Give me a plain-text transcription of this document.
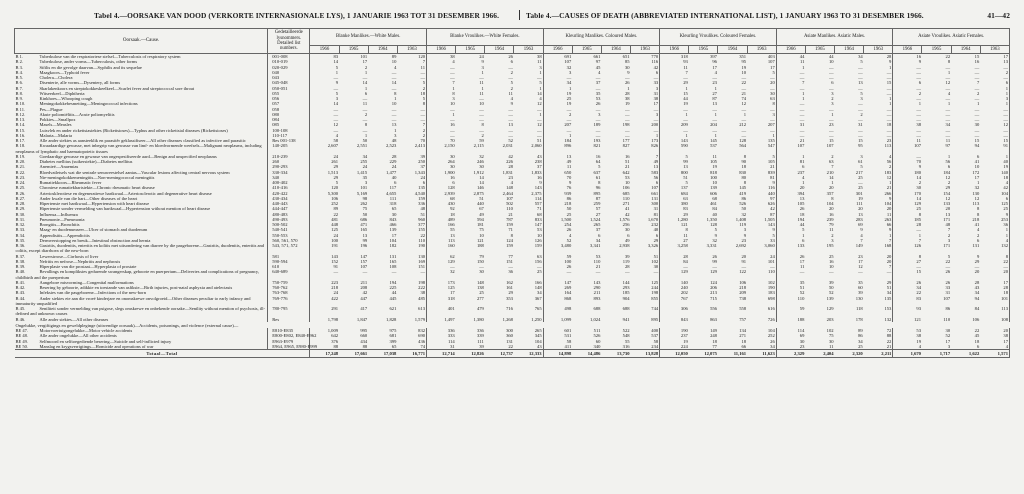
Tabel 4.—OORSAKE VAN DOOD (VERKORTE INTERNASIONALE LYS), 1 JANUARIE 1963 TOT 31 DESEMBER 1966.	Table 4.—CAUSES OF DEATH (ABBREVIATED INTERNATIONAL LIST), 1 JANUARY 1963 TO 31 DESEMBER 1966.	41—42
Oorsaak.—Cause.	Gedetailleerde lysnommers. Detailed list numbers.	Blanke Manlikes.—White Males.				Blanke Vroulikes.—White Females.				Kleurling Manlikes. Coloured Males.				Kleurling Vroulikes. Coloured Females.				Asiate Manlikes. Asiatic Males.				Asiate Vroulikes. Asiatic Females.			
		1966	1965	1964	1963	1966	1965	1964	1963	1966	1965	1964	1963	1966	1965	1964	1963	1966	1965	1964	1963	1966	1965	1964	1963
B 1. Tuberkulose van die respiratoriese stelsel—Tuberculosis of respiratory system	001-008	83	101	89	120	38	24	26	38	691	661	651	770	318	397	351	403	44	44	34	28	16	22	15	17
B 2. Tuberkulose, ander vorms—Tuberculosis, other forms	010-019	14	17	10	7	4	9	6	11	107	97	85	116	93	96	95	107	11	10	5	9	9	8	16	13
B 3. Sifilis en die gevolge daarvan—Syphilis and its sequelae	020-029	5	2	4	11	—	3	—	3	32	45	30	42	11	17	19	17	1	—	—	1	—	—	—	—
B 4. Maagkoors—Typhoid fever	040	1	1	—	—	—	1	2	1	3	4	9	6	7	4	10	5	—	—	—	—	—	1	—	2
B 5. Cholera—Cholera	043	—	—	—	—	—	—	—	—	—	—	—	—	—	—	—	—	—	—	—	—	—	—	—	—
B 6. Disenterie, alle vorms—Dysentery, all forms	045-048	9	14	14	5	7	11	5	5	34	37	26	33	29	23	22	20	7	6	13	15	6	12	7	6
B 7. Skarlakenkoors en streptokokkeskeelkeel—Scarlet fever and streptococcal sore throat	050-051	—	1	—	2	1	1	2	1	1	—	1	3	1	1	—	—	—	—	—	—	—	—	—	1
B 8. Witseerkeel—Diphtheria	055	5	6	8	18	8	11	11	14	19	35	28	31	15	27	21	30	1	3	5	—	2	4	2	1
B 9. Kinkhoes—Whooping cough	056	3	—	1	5	3	—	4	4	25	53	38	38	44	87	74	63	1	2	3	1	—	—	—	3
B 10. Meningokokkebesmetting—Meningococcal infections	057	14	11	10	8	10	10	9	12	19	26	19	17	19	13	12	8	—	3	—	1	1	1	1	1
B 11. Pes—Plague	058	—	—	—	—	—	—	—	—	—	—	—	—	—	—	—	—	—	—	—	—	—	—	—	—
B 12. Akute poliomiëlitis—Acute poliomyelitis	080	—	2	—	—	1	—	—	1	2	3	—	3	1	1	1	3	—	1	2	—	—	—	—	—
B 13. Pokkies—Smallpox	084	—	—	—	—	—	—	—	—	—	—	—	—	—	—	—	—	—	—	—	—	—	—	—	—
B 14. Masels—Measles	085	12	8	13	7	16	8	13	12	207	189	198	200	209	204	212	207	31	23	31	18	38	34	30	12
B 15. Luisvlek en ander rickettsiasiektes (Rickettsioses)—Typhus and other rickettsial diseases (Rickettsioses)	100-108	—	—	1	2	—	—	—	—	—	—	—	—	—	—	—	—	—	—	—	—	—	—	—	—
B 16. Malaria—Malaria	110-117	4	1	3	2	—	2	—	—	1	—	—	1	1	1	—	1	—	—	—	—	—	—	—	—
B 17. Alle ander siektes as aansteeklik en parasitêr geklassifiseer—All other diseases classified as infective and parasitic	Res 001-138	58	50	48	70	70	59	52	51	184	193	177	173	143	145	128	135	21	15	15	23	11	11	15	15
B 18. Kwaadaardige gewasse, met inbegrip van gewasse van limf- en bloedvormende weefsels—Malignant neoplasms, including neoplasms of lymphatic and haematopoietic tissues	140-205	2,607	2,551	2,523	2,413	2,150	2,115	2,031	2,060	896	821	827	826	590	537	564	547	107	107	95	113	107	97	94	91
B 19. Goedaardige gewasse en gewasse van ongespesifiseerde aard—Benign and unspecified neoplasms	210-239	24	34	28	39	30	32	42	43	13	16	16	7	5	11	8	5	1	2	3	4	—	1	6	1
B 20. Diabetes mellitus (suikersiekte)—Diabetes mellitus	260	261	255	229	250	264	246	226	238	49	64	51	49	99	105	90	105	81	63	61	56	70	56	41	40
B 21. Anemieë—Anaemias	290-293	29	24	24	37	30	30	28	37	11	5	21	13	13	19	18	21	6	7	5	2	9	6	10	19
B 22. Bloedvatletsels wat die sentrale senuweestelsel aantas—Vascular lesions affecting central nervous system	330-334	1,513	1,415	1,477	1,343	1,900	1,912	1,831	1,833	650	637	642	583	800	818	830	839	237	210	217	183	180	184	172	140
B 23. Nie-meningokokkemeningitis—Non-meningococcal meningitis	340	29	35	40	24	16	14	23	16	70	61	53	56	51	100	80	81	4	14	25	12	14	12	17	18
B 24. Rumatiekkoors—Rheumatic fever	400-402	5	3	6	6	6	14	4	9	9	8	10	6	5	10	8	9	1	1	—	1	2	2	1	4
B 25. Chroniese rumatiekhartsiekte—Chronic rheumatic heart disease	410-416	120	101	117	135	128	146	148	143	76	96	106	107	137	139	145	116	20	20	25	21	30	29	32	42
B 26. Arteriosklerotiese en degeneratiewe hartkwaal—Arteriosclerotic and degenerative heart disease	420-422	5,300	5,169	4,655	4,540	2,939	2,875	2,464	2,375	939	895	685	661	684	606	419	440	394	357	301	266	170	154	130	104
B 27. Ander kwale van die hart—Other diseases of the heart	430-434	106	98	111	159	68	51	107	114	86	87	110	131	63	68	86	97	13	8	19	9	14	12	12	6
B 28. Hipertensie met hartkwaal—Hypertension with heart disease	440-443	252	262	318	336	430	440	502	557	218	259	271	300	380	461	526	626	105	104	111	104	129	133	113	125
B 29. Hipertensie sonder vermelding van hartkwaal—Hypertension without mention of heart disease	444-447	89	75	65	48	92	67	110	71	50	57	41	31	83	84	50	42	26	20	20	20	25	20	8	25
B 30. Influensa—Influenza	480-483	22	50	30	51	18	49	21	68	25	27	42	81	29	40	32	87	18	16	13	11	8	13	8	9
B 31. Pneumonie—Pneumonia	490-493	481	686	843	960	489	594	787	833	1,500	1,524	1,576	1,670	1,280	1,350	1,408	1,505	194	239	283	263	185	171	218	253
B 32. Brongitis—Bronchitis	500-502	448	471	466	377	166	181	159	147	254	265	256	232	121	128	119	143	44	79	69	66	28	48	41	36
B 33. Maag- en duodenumseer—Ulcer of stomach and duodenum	540-541	125	165	139	155	55	75	71	53	26	37	30	40	8	5	3	9	5	11	9	9	—	7	4	1
B 34. Appendisitis—Appendicitis	550-553	24	13	17	22	13	10	8	10	4	6	6	6	11	9	9	5	1	2	4	1	1	2	2	1
B 35. Dermverstopping en breuk—Intestinal obstruction and hernia	560, 561, 570	100	99	104	110	113	121	124	126	52	34	49	29	27	32	23	33	6	3	7	7	7	3	6	4
B 36. Gastritis, duodenitis, enteritis en kolitis met uitsondering van diarree by die pasgeborene—Gastritis, duodenitis, enteritis and colitis, except diarrhoea of the new-born	543, 571, 572	191	196	182	190	160	188	159	159	3,480	3,341	2,938	3,326	3,258	3,331	2,692	3,060	133	195	149	168	126	171	131	132
B 37. Lewersirrose—Cirrhosis of liver	581	143	147	131	130	62	79	77	63	59	53	39	51	28	26	20	24	26	25	23	20	8	5	9	8
B 38. Nefritis en nefrose—Nephritis and nephrosis	590-594	152	157	165	169	129	150	151	156	100	110	119	102	84	99	91	101	17	16	17	20	27	22	29	22
B 39. Hiperplasie van die prostaat—Hyperplasia of prostate	610	91	107	108	151	—	—	—	—	26	21	28	30	—	—	—	—	11	10	12	7	—	—	—	—
B 40. Bevallings en kompliksies gedurende swangerskap, geboorte en puerperium—Deliveries and complications of pregnancy, childbirth and the puerperium	640-689	—	—	—	—	32	30	36	25	—	—	—	—	129	129	122	110	—	—	—	—	15	26	20	20
B 41. Aangebore misvorming—Congenital malformations	750-759	223	211	194	198	173	148	162	166	147	143	144	125	140	124	106	102	35	39	35	29	26	26	28	17
B 42. Besering by geboorte, adikkie en toestande van asfiksie—Birth injuries, post-natal asphyxia and atelectasis	760-762	218	208	225	222	125	138	161	148	269	290	293	244	240	206	218	190	51	50	60	51	34	33	43	28
B 43. Infeksies van die pasgeborene—Infections of the new-born	763-768	24	42	44	38	17	25	29	34	164	211	185	198	202	213	209	183	52	52	39	34	22	31	34	18
B 44. Ander siektes eie aan die vroeë kinderjare en onomskrewe onvolgroeid—Other diseases peculiar to early infancy and immaturity unqualified	769-776	422	447	445	485	318	277	353	367	868	893	904	855	767	715	738	698	110	139	130	135	83	107	94	101
B 45. Seniliteit sonder vermelding van psigose, slegs omskrewe en onbekende oorsake—Senility without mention of psychosis, ill-defined and unknown causes	780-795	291	417	621	613	401	479	716	765	498	688	688	744	306	556	558	616	59	129	118	153	93	86	84	113
B 46. Alle ander siektes—All other diseases	Res	1,798	1,847	1,828	1,579	1,497	1,380	1,268	1,250	1,099	1,024	941	895	843	863	757	726	188	203	178	132	121	110	106	108
Ongelukke, vergiftigings en geweldpleginge (uitwendige oorsaak)—Accidents, poisonings, and violence (external cause)—																									
BE 47. Motorvoertuigongelukke—Motor vehicle accidents	E810-E835	1,009	995	975	832	336	336	300	265	601	511	522	400	190	149	134	104	114	102	89	72	53	30	22	20
BE 48. Alle ander ongelukke—All other accidents	E800-E802, E840-E962	642	660	681	690	333	339	360	345	531	526	548	537	237	248	271	252	69	75	86	88	38	52	45	38
BE 49. Selfmoord en selftoegediende besering—Suicide and self-inflicted injury	E963-E979	376	434	399	436	114	111	131	104	58	60	55	58	19	18	18	26	30	30	34	22	19	17	18	17
BE 50. Manslag en krygsverrigtings—Homicide and operations of war	E964, E965, E980-E999	88	88	65	74	31	39	22	43	411	340	316	234	224	77	66	34	23	11	25	21	4	3	6	4
Totaal—Total		17,248	17,661	17,038	16,771	12,714	12,826	12,737	12,333	14,898	14,486	13,730	13,828	12,050	12,075	11,161	11,623	2,329	2,404	2,320	2,211	1,670	1,717	1,622	1,571
